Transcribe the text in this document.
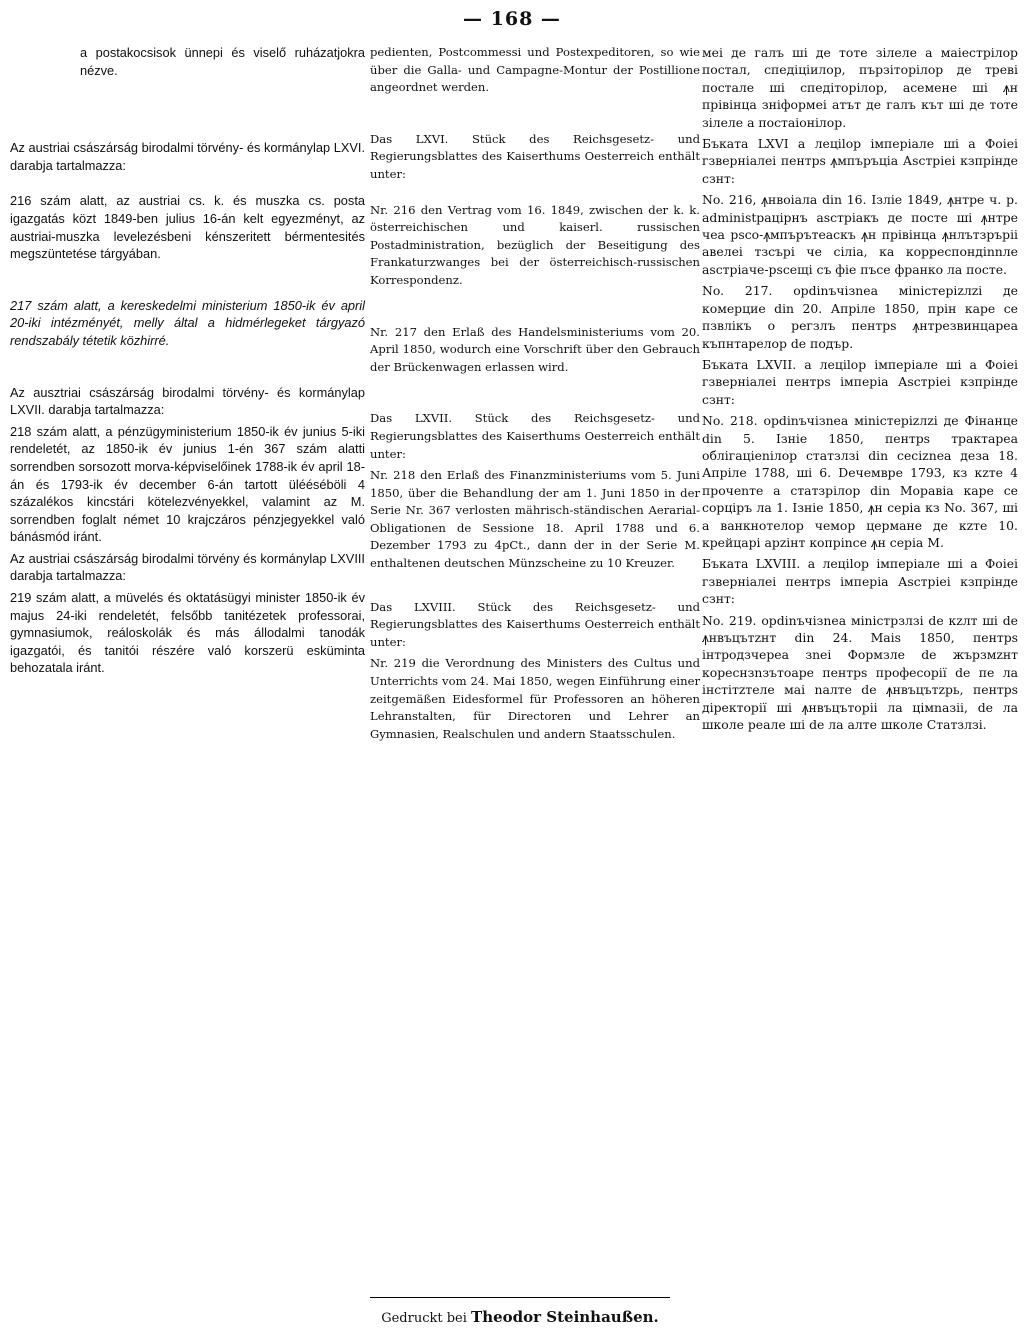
— 168 —

a postakocsisok ünnepi és viselő ruházatjokra nézve.

Az austriai császárság birodalmi törvény- és kormánylap LXVI. darabja tartalmazza:

216 szám alatt, az austriai cs. k. és muszka cs. posta igazgatás közt 1849-ben julius 16-án kelt egyezményt, az austriai-muszka levelezésbeni kénszeritett bérmentesités megszüntetése tárgyában.

217 szám alatt, a kereskedelmi ministerium 1850-ik év april 20-iki intézményét, melly által a hidmérlegeket tárgyazó rendszabály tétetik közhirré.

Az ausztriai császárság birodalmi törvény- és kormánylap LXVII. darabja tartalmazza:

218 szám alatt, a pénzügyministerium 1850-ik év junius 5-iki rendeletét, az 1850-ik év junius 1-én 367 szám alatti sorrendben sorsozott morva-képviselőinek 1788-ik év april 18-án és 1793-ik év december 6-án tartott ülééséböli 4 százalékos kincstári kötelezvényekkel, valamint az M. sorrendben foglalt német 10 krajczáros pénzjegyekkel való bánásmód iránt.

Az austriai császárság birodalmi törvény és kormánylap LXVIII darabja tartalmazza:

219 szám alatt, a müvelés és oktatásügyi minister 1850-ik év majus 24-iki rendeletét, felsőbb tanitézetek professorai, gymnasiumok, reáloskolák és más állodalmi tanodák igazgatói, és tanitói részére való korszerü esküminta behozatala iránt.

pedienten, Postcommessi und Postexpeditoren, so wie über die Galla- und Campagne-Montur der Postillione angeordnet werden.

Das LXVI. Stück des Reichsgesetz- und Regierungsblattes des Kaiserthums Oesterreich enthält unter:

Nr. 216 den Vertrag vom 16. 1849, zwischen der k. k. österreichischen und kaiserl. russischen Postadministration, bezüglich der Beseitigung des Frankaturzwanges bei der österreichisch-russischen Korrespondenz.

Nr. 217 den Erlaß des Handelsministeriums vom 20. April 1850, wodurch eine Vorschrift über den Gebrauch der Brückenwagen erlassen wird.

Das LXVII. Stück des Reichsgesetz- und Regierungsblattes des Kaiserthums Oesterreich enthält unter:

Nr. 218 den Erlaß des Finanzministeriums vom 5. Juni 1850, über die Behandlung der am 1. Juni 1850 in der Serie Nr. 367 verlosten mährisch-ständischen Aerarial-Obligationen de Sessione 18. April 1788 und 6. Dezember 1793 zu 4pCt., dann der in der Serie M. enthaltenen deutschen Münzscheine zu 10 Kreuzer.

Das LXVIII. Stück des Reichsgesetz- und Regierungsblattes des Kaiserthums Oesterreich enthält unter:

Nr. 219 die Verordnung des Ministers des Cultus und Unterrichts vom 24. Mai 1850, wegen Einführung einer zeitgemäßen Eidesformel für Professoren an höheren Lehranstalten, für Directoren und Lehrer an Gymnasien, Realschulen und andern Staatsschulen.

меі де галъ ші де тоте зілеле а маіестрілор постал, спедіціилор, пързіторілор де треві постале ші спедіторілор, асемене ші ꙟн прівінца зніформеі атът де галъ кът ші де тоте зілеле а постаіонілор.

Бъката LXVI а леціlор імперіале ші а Фоіеі гзвернiалеі пентрѕ ꙟмпъръціа Аѕстріеі кзпрінде сзнт:

No. 216, ꙟнвоіала din 16. Ізлie 1849, ꙟнтре ч. р. administрацірнъ аѕстріакъ де посте ші ꙟнтре чеа рѕсо-ꙟмпърътеаскъ ꙟн прівінца ꙟнлътзрърiі авелеі тзсърi че сiліа, ка корреспондіnnле аѕстріаче-рѕсещi съ фіе пъсе франко ла посте.

No. 217. opdinъчiзnеа міnістеріzлzі де комерцие din 20. Апріле 1850, прін каре се пзвлікъ о регзлъ пентрѕ ꙟнтрезвинцареа къпнтарелор de пoдър.

Бъката LXVII. а леціlор імперіале ші а Фоіеі гзвернiалеі пентрѕ імперіа Аѕстріеі кзпрінде сзнт:

No. 218. opdinъчiзnеа міnістеріzлzі де Фінанце din 5. Ізніe 1850, пентрѕ трактареа облігаціеnілор статзлзi din cecіznеа деза 18. Апріле 1788, ші 6. Dечемвре 1793, кз кzте 4 прочenте а статзрілор din Моравіа каре се сорціръ ла 1. Ізніe 1850, ꙟн серіа кз No. 367, ші а ванкнотелор чемор цермане де кzте 10. крейцарі арziнт копріnce ꙟн серіа М.

Бъката LXVIII. а леціlор імперіале ші а Фоіеі гзвернiалеі пентрѕ імперіа Аѕстріеі кзпрінде сзнт:

No. 219. opdinъчiзnеа міnістрзлзі de кzлт ші de ꙟнвъцътzнт din 24. Маіѕ 1850, пентрѕ інтродзчереа зnеі Формзле de жързмzнт кореснзnзътоаре пентрѕ професорії de пе ла інстітzтеле маі nалте de ꙟнвъцътzрь, пентрѕ діректорії ші ꙟнвъцъторii ла цімnазii, de ла школе реале ші de ла алте школе Статзлзi.

Gedruckt bei Theodor Steinhaußen.
